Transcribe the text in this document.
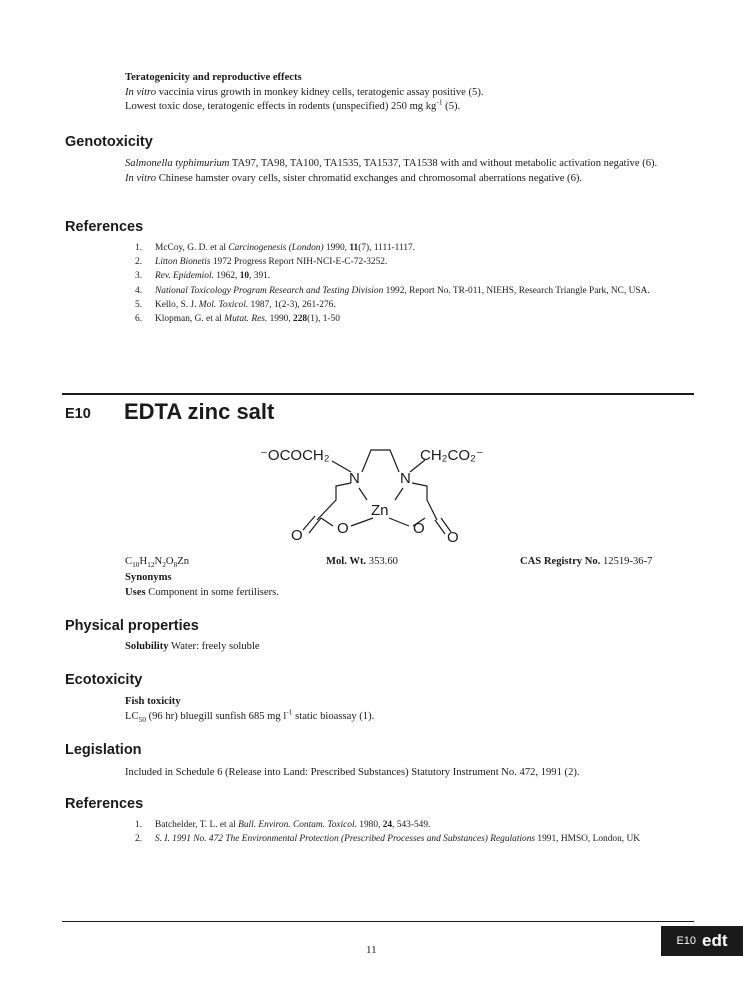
Teratogenicity and reproductive effects
In vitro vaccinia virus growth in monkey kidney cells, teratogenic assay positive (5).
Lowest toxic dose, teratogenic effects in rodents (unspecified) 250 mg $kg^{-1}$ (5).
Genotoxicity
Salmonella typhimurium TA97, TA98, TA100, TA1535, TA1537, TA1538 with and without metabolic activation negative (6).
In vitro Chinese hamster ovary cells, sister chromatid exchanges and chromosomal aberrations negative (6).
References
1. McCoy, G. D. et al Carcinogenesis (London) 1990, 11(7), 1111-1117.
2. Litton Bionetis 1972 Progress Report NIH-NCI-E-C-72-3252.
3. Rev. Epidemiol. 1962, 10, 391.
4. National Toxicology Program Research and Testing Division 1992, Report No. TR-011, NIEHS, Research Triangle Park, NC, USA.
5. Kello, S. J. Mol. Toxicol. 1987, 1(2-3), 261-276.
6. Klopman, G. et al Mutat. Res. 1990, 228(1), 1-50
E10 EDTA zinc salt
⁻OCOCH₂	CH₂CO₂⁻
N	N
Zn
O	O
O	O
$C_{10}H_{12}N_2O_8Zn$	Mol. Wt. 353.60	CAS Registry No. 12519-36-7
Synonyms
Uses Component in some fertilisers.
Physical properties
Solubility Water: freely soluble
Ecotoxicity
Fish toxicity
$LC_{50}$ (96 hr) bluegill sunfish 685 mg $l^{-1}$ static bioassay (1).
Legislation
Included in Schedule 6 (Release into Land: Prescribed Substances) Statutory Instrument No. 472, 1991 (2).
References
1. Batchelder, T. L. et al Bull. Environ. Contam. Toxicol. 1980, 24, 543-549.
2. S. I. 1991 No. 472 The Environmental Protection (Prescribed Processes and Substances) Regulations 1991, HMSO, London, UK
11
E10 edt
